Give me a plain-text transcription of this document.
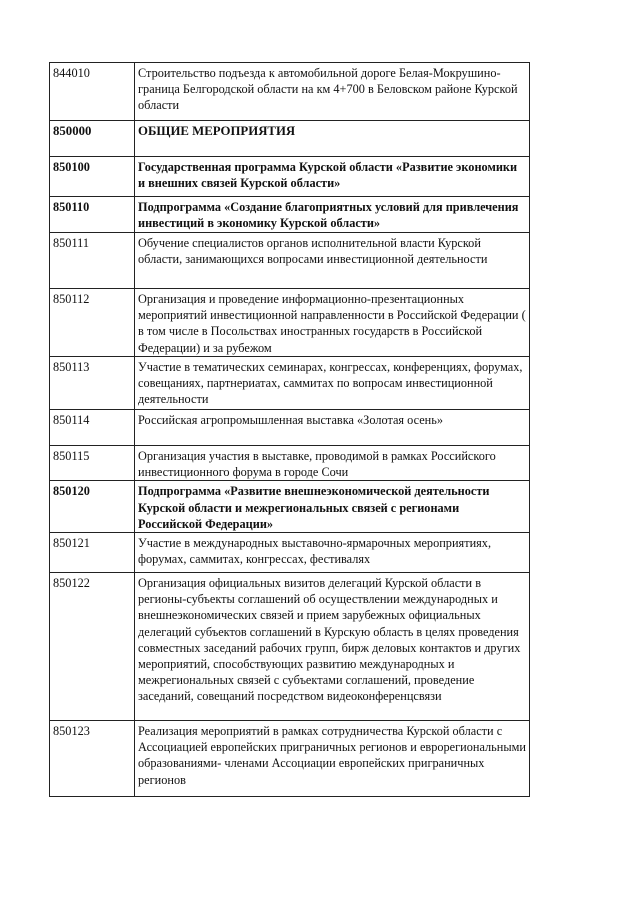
844010	Строительство подъезда к автомобильной дороге Белая-Мокрушино-граница Белгородской области на км 4+700 в Беловском районе Курской области
850000	ОБЩИЕ МЕРОПРИЯТИЯ
850100	Государственная программа Курской области «Развитие экономики и внешних связей Курской области»
850110	Подпрограмма «Создание благоприятных условий для привлечения инвестиций в экономику Курской области»
850111	Обучение специалистов органов исполнительной власти Курской области, занимающихся вопросами инвестиционной деятельности
850112	Организация и проведение информационно-презентационных мероприятий инвестиционной направленности в Российской Федерации ( в том числе в Посольствах иностранных государств в Российской Федерации) и за рубежом
850113	Участие в тематических семинарах, конгрессах, конференциях, форумах, совещаниях, партнериатах, саммитах по вопросам инвестиционной деятельности
850114	Российская агропромышленная выставка «Золотая осень»
850115	Организация участия в выставке, проводимой в рамках Российского инвестиционного форума в городе Сочи
850120	Подпрограмма «Развитие внешнеэкономической деятельности Курской области и межрегиональных связей с регионами Российской Федерации»
850121	Участие в международных выставочно-ярмарочных мероприятиях, форумах, саммитах, конгрессах, фестивалях
850122	Организация официальных визитов делегаций Курской области в регионы-субъекты соглашений об осуществлении международных и внешнеэкономических связей и прием зарубежных официальных делегаций субъектов соглашений в Курскую область в целях проведения совместных заседаний рабочих групп, бирж деловых контактов и других мероприятий, способствующих развитию международных и межрегиональных связей с субъектами соглашений, проведение заседаний, совещаний посредством видеоконференцсвязи
850123	Реализация мероприятий в рамках сотрудничества Курской области с Ассоциацией европейских приграничных регионов и еврорегиональными образованиями- членами Ассоциации европейских приграничных регионов
